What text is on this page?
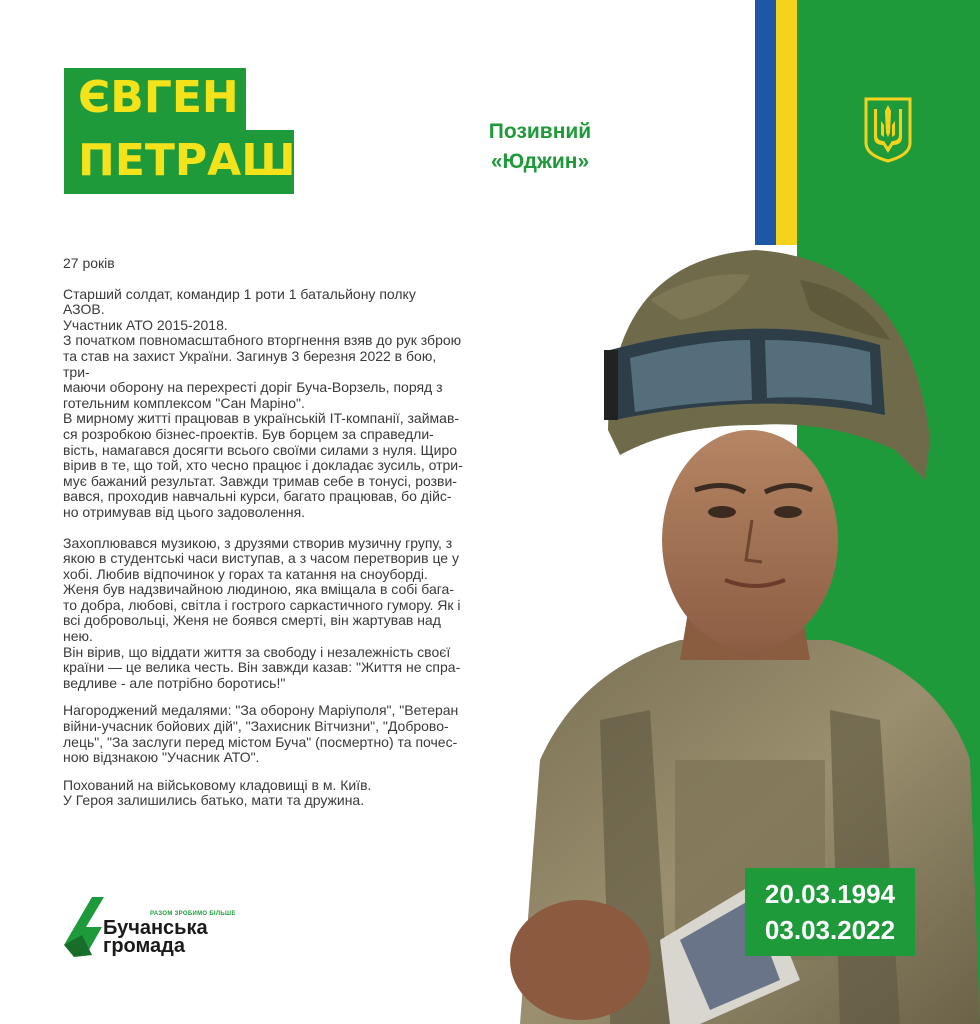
ЄВГЕН
ПЕТРАШ
Позивний
«Юджин»

27 років

Старший солдат, командир 1 роти 1 батальйону полку
АЗОВ.
Участник АТО 2015-2018.
З початком повномасштабного вторгнення взяв до рук зброю
та став на захист України. Загинув 3 березня 2022 в бою, три-
маючи оборону на перехресті доріг Буча-Ворзель, поряд з
готельним комплексом "Сан Маріно".
В мирному житті працював в українській IT-компанії, займав-
ся розробкою бізнес-проектів. Був борцем за справедли-
вість, намагався досягти всього своїми силами з нуля. Щиро
вірив в те, що той, хто чесно працює і докладає зусиль, отри-
мує бажаний результат. Завжди тримав себе в тонусі, розви-
вався, проходив навчальні курси, багато працював, бо дійс-
но отримував від цього задоволення.

Захоплювався музикою, з друзями створив музичну групу, з
якою в студентські часи виступав, а з часом перетворив це у
хобі. Любив відпочинок у горах та катання на сноуборді.
Женя був надзвичайною людиною, яка вміщала в собі бага-
то добра, любові, світла і гострого саркастичного гумору. Як і
всі добровольці, Женя не боявся смерті, він жартував над нею.
Він вірив, що віддати життя за свободу і незалежність своєї
країни — це велика честь. Він завжди казав: "Життя не спра-
ведливе - але потрібно боротись!"

Нагороджений медалями: "За оборону Маріуполя", "Ветеран
війни-учасник бойових дій", "Захисник Вітчизни", "Доброво-
лець", "За заслуги перед містом Буча" (посмертно) та почес-
ною відзнакою "Учасник АТО".

Похований на військовому кладовищі в м. Київ.
У Героя залишились батько, мати та дружина.

20.03.1994
03.03.2022
РАЗОМ ЗРОБИМО БІЛЬШЕ
Бучанська
громада
